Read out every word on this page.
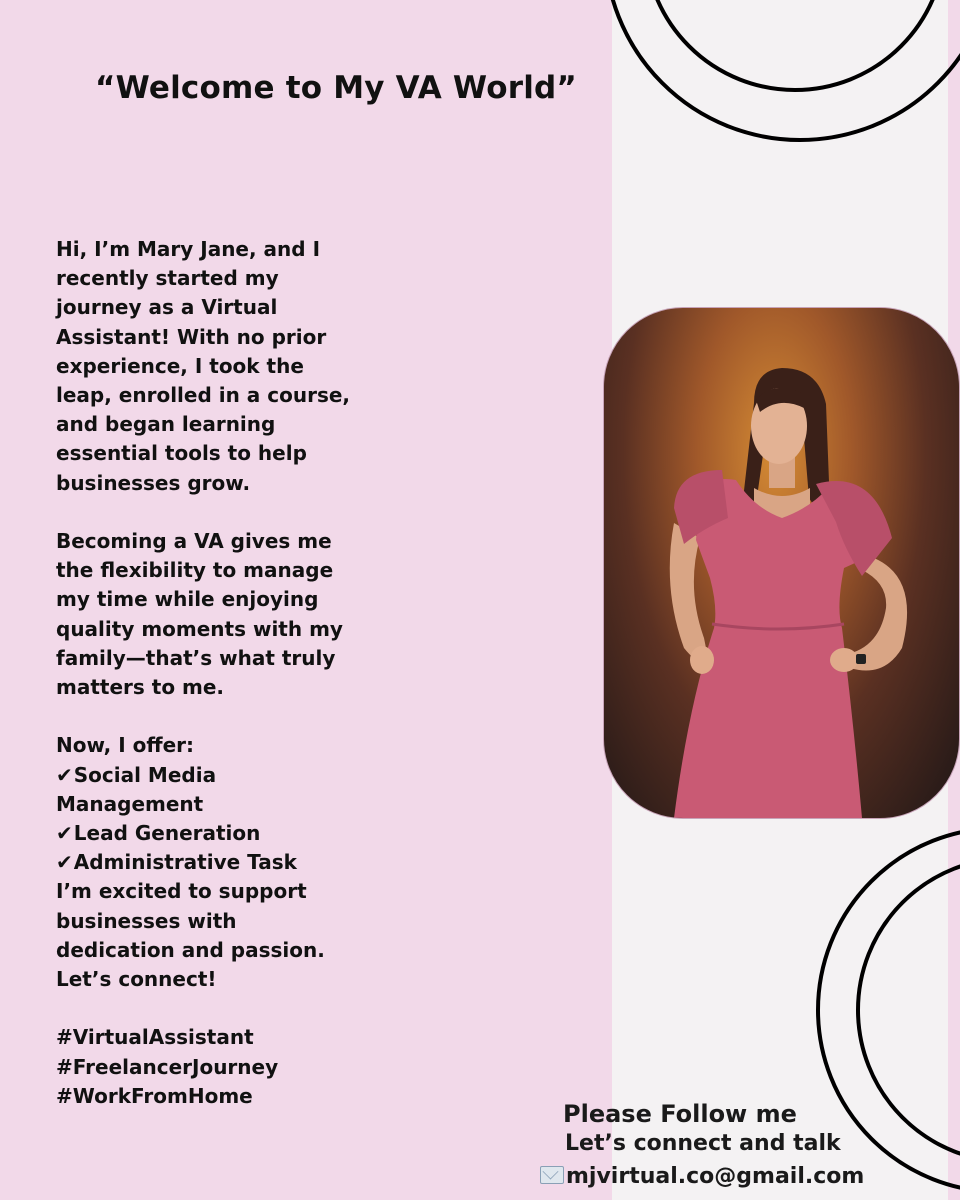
“Welcome to My VA World”

Hi, I’m Mary Jane, and I recently started my journey as a Virtual Assistant! With no prior experience, I took the leap, enrolled in a course, and began learning essential tools to help businesses grow.

Becoming a VA gives me the flexibility to manage my time while enjoying quality moments with my family—that’s what truly matters to me.

Now, I offer:

✔Social Media Management

✔Lead Generation

✔Administrative Task

I’m excited to support businesses with dedication and passion. Let’s connect!

#VirtualAssistant

#FreelancerJourney

#WorkFromHome

Please Follow me
Let’s connect and talk
mjvirtual.co@gmail.com
